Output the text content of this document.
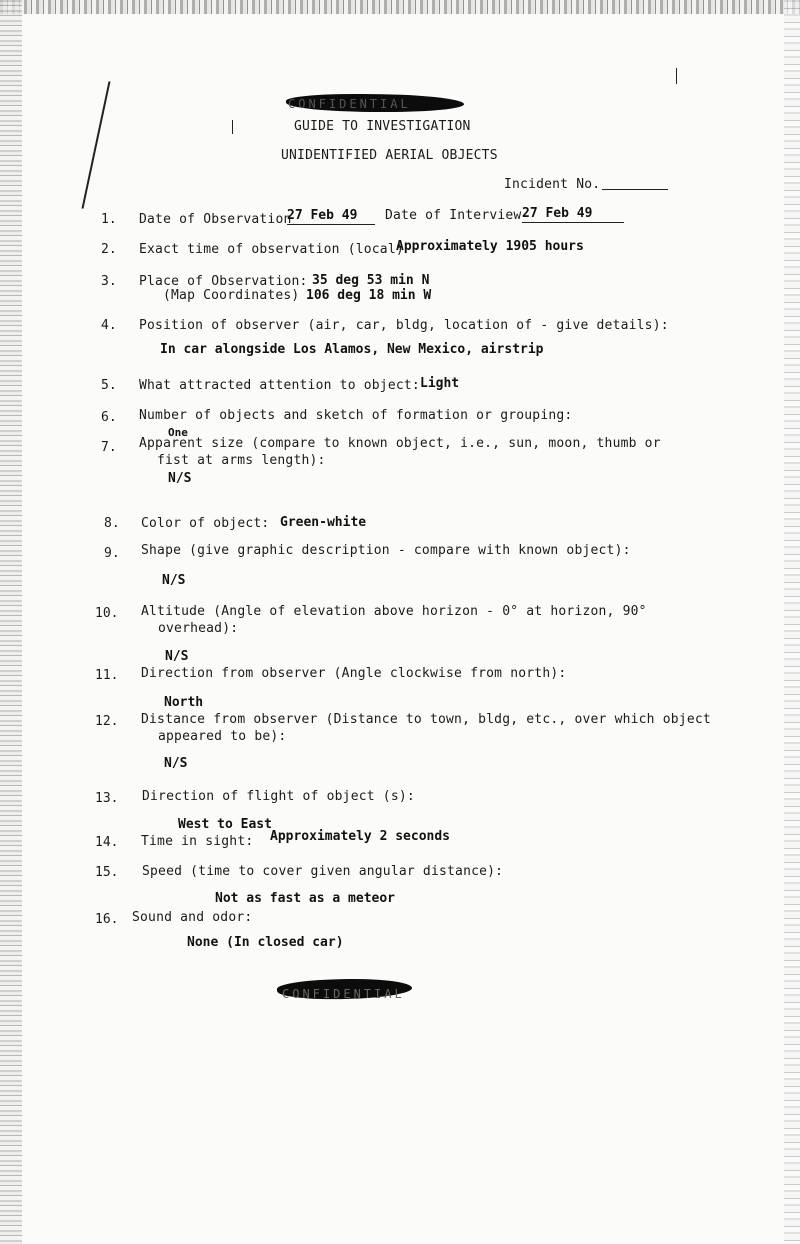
CONFIDENTIAL
GUIDE TO INVESTIGATION
UNIDENTIFIED AERIAL OBJECTS
Incident No.
1. Date of Observation
27 Feb 49	Date of Interview 27 Feb 49
2. Exact time of observation (local)
Approximately 1905 hours
3. Place of Observation:
(Map Coordinates)
35 deg 53 min N
106 deg 18 min W
4. Position of observer (air, car, bldg, location of - give details):
In car alongside Los Alamos, New Mexico, airstrip
5. What attracted attention to object: Light
6. Number of objects and sketch of formation or grouping:
One
7. Apparent size (compare to known object, i.e., sun, moon, thumb or
fist at arms length):
N/S
8. Color of object: Green-white
9. Shape (give graphic description - compare with known object):
N/S
10. Altitude (Angle of elevation above horizon - 0° at horizon, 90°
overhead):
N/S
11. Direction from observer (Angle clockwise from north):
North
12. Distance from observer (Distance to town, bldg, etc., over which object
appeared to be):
N/S
13. Direction of flight of object (s):
West to East
14. Time in sight: Approximately 2 seconds
15. Speed (time to cover given angular distance):
Not as fast as a meteor
16. Sound and odor:
None (In closed car)
CONFIDENTIAL
